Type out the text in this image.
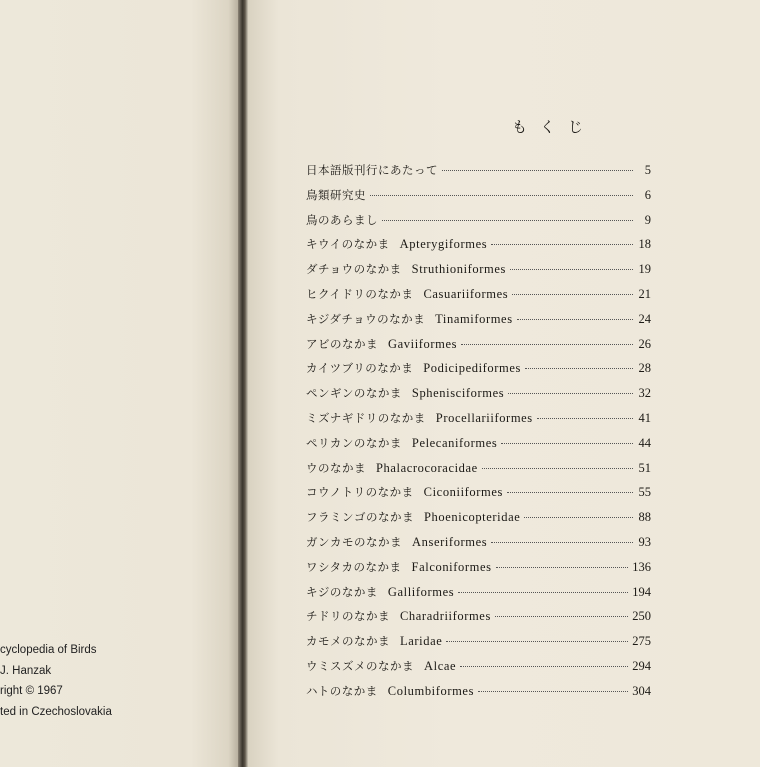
cyclopedia of Birds
J. Hanzak
right © 1967
ted in Czechoslovakia
もくじ
日本語版刊行にあたって	5
鳥類研究史	6
鳥のあらまし	9
キウイのなかま Apterygiformes	18
ダチョウのなかま Struthioniformes	19
ヒクイドリのなかま Casuariiformes	21
キジダチョウのなかま Tinamiformes	24
アビのなかま Gaviiformes	26
カイツブリのなかま Podicipediformes	28
ペンギンのなかま Sphenisciformes	32
ミズナギドリのなかま Procellariiformes	41
ペリカンのなかま Pelecaniformes	44
ウのなかま Phalacrocoracidae	51
コウノトリのなかま Ciconiiformes	55
フラミンゴのなかま Phoenicopteridae	88
ガンカモのなかま Anseriformes	93
ワシタカのなかま Falconiformes	136
キジのなかま Galliformes	194
チドリのなかま Charadriiformes	250
カモメのなかま Laridae	275
ウミスズメのなかま Alcae	294
ハトのなかま Columbiformes	304
